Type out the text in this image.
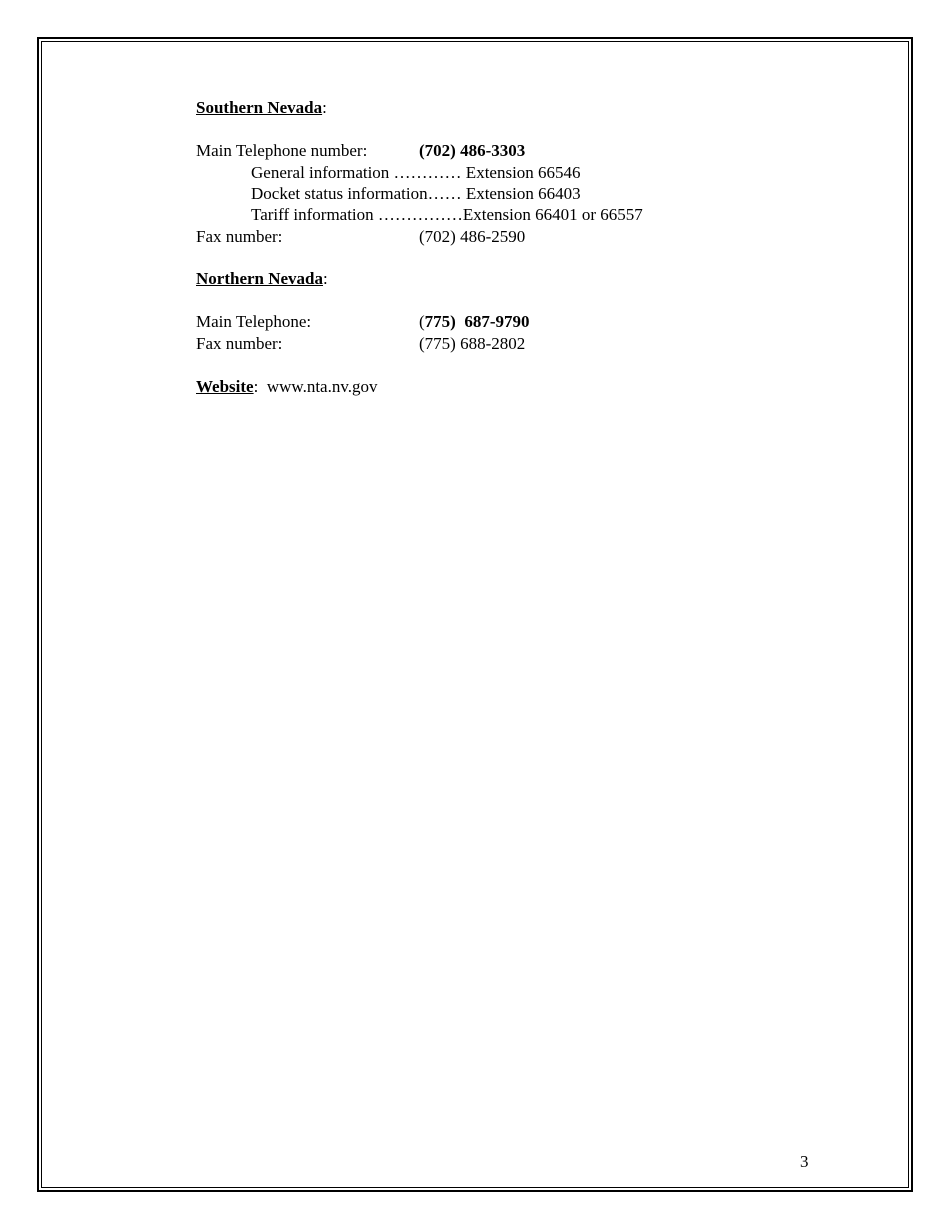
Southern Nevada:
Main Telephone number:	(702) 486-3303
General information ………… Extension 66546
Docket status information…… Extension 66403
Tariff information ……………Extension 66401 or 66557
Fax number:	(702) 486-2590
Northern Nevada:
Main Telephone:	(775)  687-9790
Fax number:	(775) 688-2802
Website: www.nta.nv.gov
3
